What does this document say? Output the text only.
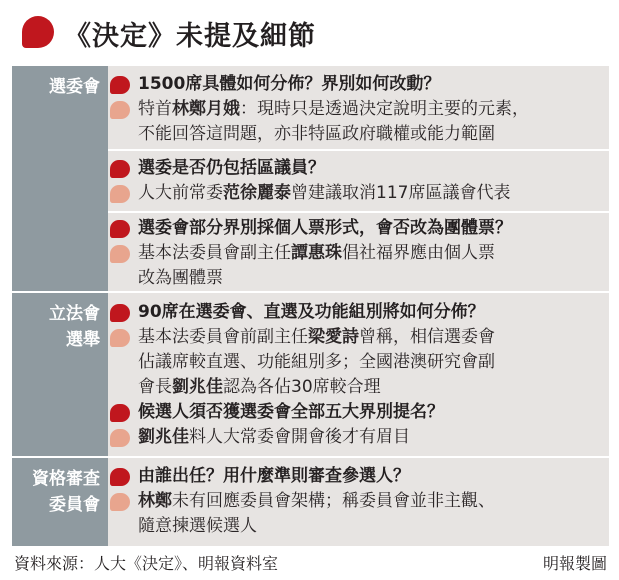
《決定》未提及細節
選委會
立法會
選舉
資格審查
委員會
1500席具體如何分佈？界別如何改動？
特首林鄭月娥：現時只是透過決定說明主要的元素，
不能回答這問題，亦非特區政府職權或能力範圍
選委是否仍包括區議員？
人大前常委范徐麗泰曾建議取消117席區議會代表
選委會部分界別採個人票形式，會否改為團體票？
基本法委員會副主任譚惠珠倡社福界應由個人票
改為團體票
90席在選委會、直選及功能組別將如何分佈？
基本法委員會前副主任梁愛詩曾稱，相信選委會
佔議席較直選、功能組別多；全國港澳研究會副
會長劉兆佳認為各佔30席較合理
候選人須否獲選委會全部五大界別提名？
劉兆佳料人大常委會開會後才有眉目
由誰出任？用什麼準則審查參選人？
林鄭未有回應委員會架構；稱委員會並非主觀、
隨意揀選候選人
資料來源：人大《決定》、明報資料室	明報製圖
